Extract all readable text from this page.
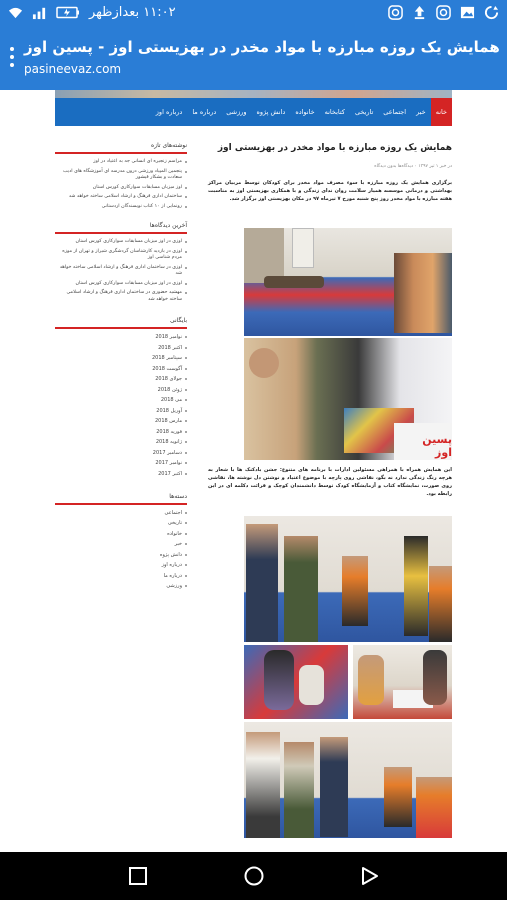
۱۱:۰۲ بعدازظهر
همایش یک روزه مبارزه با مواد مخدر در بهزیستی اوز - پسین اوز
pasineevaz.com
خانه
خبر
اجتماعی
تاریخی
کتابخانه
خانواده
دانش پژوه
ورزشی
درباره ما
درباره اوز
نوشته‌های تازه
مراسم زنجیره ای انسانی جه به اعتیاد در اوز
پنجمین المپیاد ورزشی درون مدرسه ای آموزشگاه های ادیب سعادت و بشکار فیشور
اوز میزبان مسابقات سوارکاری کورس استان
ساختمان اداری فرهنگ و ارشاد اسلامی ساخته خواهد شد
رونمایی از ۱۰ کتاب نویسندگان اردستانی
آخرین دیدگاه‌ها
اوزی در اوز میزبان مسابقات سوارکاری کورس استان
اوزی در بازدید کارشناسان گردشگری شیراز و تهران از موزه مردم شناسی اوز
اوزی در ساختمان اداری فرهنگ و ارشاد اسلامی ساخته خواهد شد
اوزی در اوز میزبان مسابقات سوارکاری کورس استان
مهشید حضوری در ساختمان اداری فرهنگ و ارشاد اسلامی ساخته خواهد شد
بایگانی
نوامبر 2018
اکتبر 2018
سپتامبر 2018
آگوست 2018
جولای 2018
ژوئن 2018
می 2018
آوریل 2018
مارس 2018
فوریه 2018
ژانویه 2018
دسامبر 2017
نوامبر 2017
اکتبر 2017
دسته‌ها
اجتماعی
تاریخی
خانواده
خبر
دانش پژوه
درباره اوز
درباره ما
ورزشی
همایش یک روزه مبارزه با مواد مخدر در بهزیستی اوز
در خبر ۱ تیر ۱۳۹۷ ۰ دیدگاه‌ها بدون دیدگاه
برگزاری همایش یک روزه مبارزه با سوء مصرف مواد مخدر برای کودکان توسط مربیان مراکز بهداشتی و درمانی موسسه همیار سلامت روان ندای زندگی و با همکاری بهزیستی اوز به مناسبت هفته مبارزه با مواد مخدر روز پنج شنبه مورخ ۷ تیرماه ۹۷ در مکان بهزیستی اوز برگزار شد.
پسین اوز
این همایش همراه با همراهی مسئولین ادارات با برنامه های متنوع: جشن بادکنک ها با شعار به هرچه رنگ زندگی ندارد نه بگو، نقاشی روی پارچه با موضوع اعتیاد و نوشتن دل نوشته ها، نقاشی روی صورت، نمایشگاه کتاب و آزمایشگاه کودک توسط دانشمندان کوچک و قرائت دکلمه ای در این رابطه بود.
